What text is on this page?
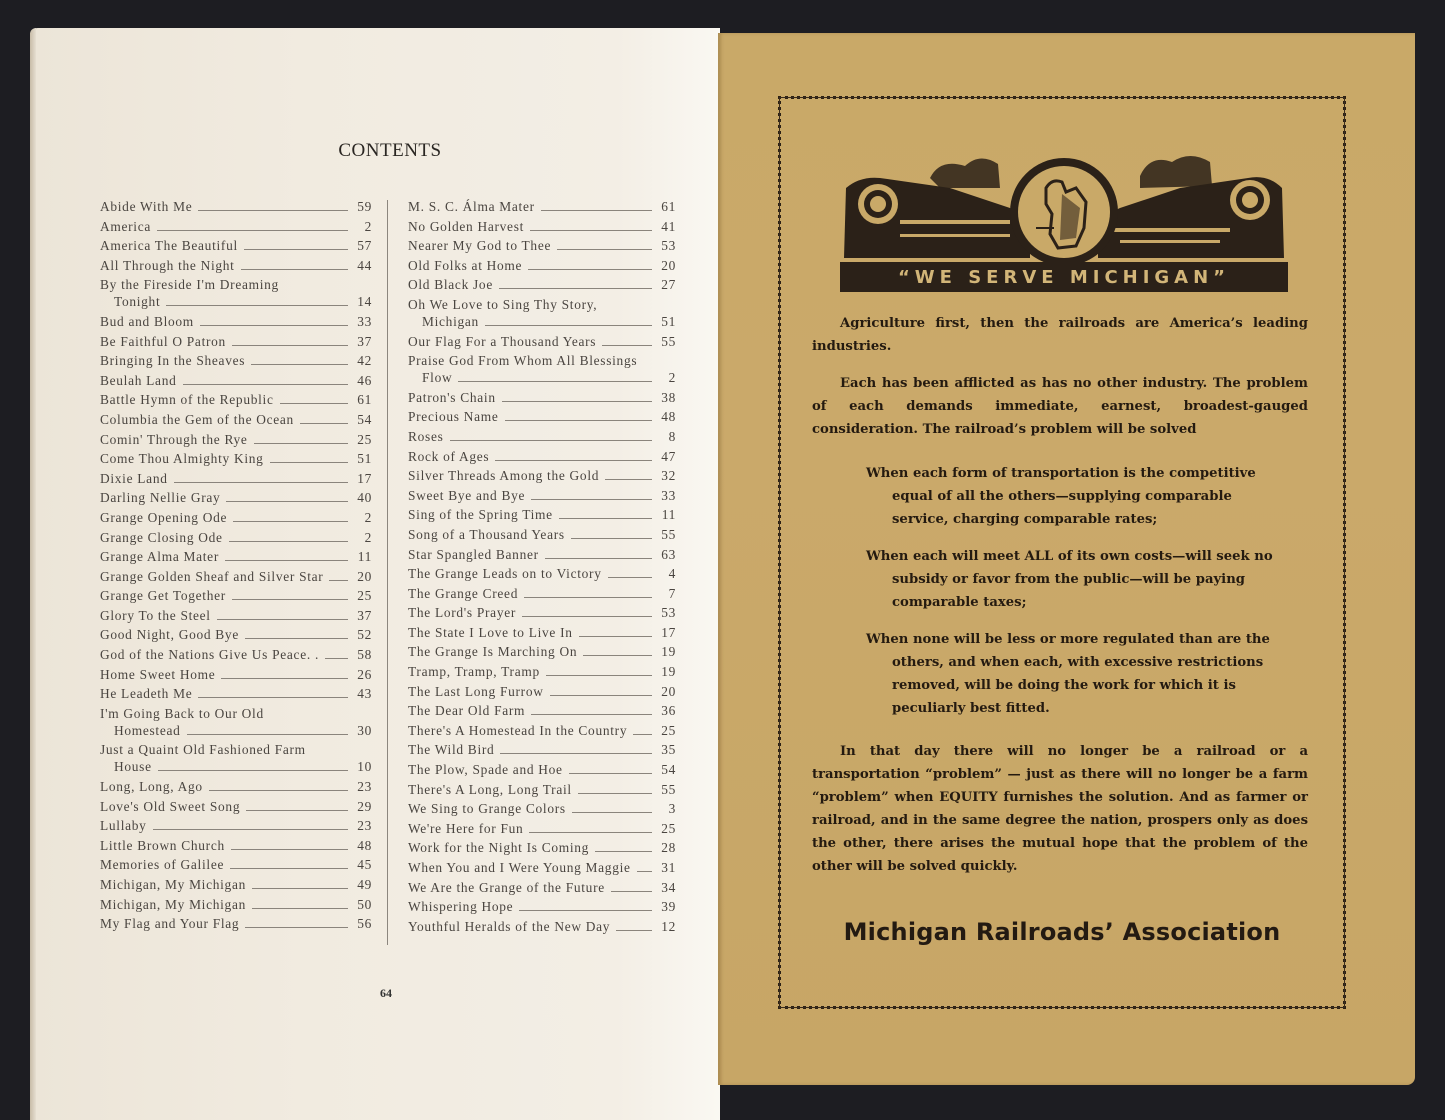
CONTENTS
Abide With Me	59
America	2
America The Beautiful	57
All Through the Night	44
By the Fireside I'm Dreaming
Tonight	14
Bud and Bloom	33
Be Faithful O Patron	37
Bringing In the Sheaves	42
Beulah Land	46
Battle Hymn of the Republic	61
Columbia the Gem of the Ocean	54
Comin' Through the Rye	25
Come Thou Almighty King	51
Dixie Land	17
Darling Nellie Gray	40
Grange Opening Ode	2
Grange Closing Ode	2
Grange Alma Mater	11
Grange Golden Sheaf and Silver Star	20
Grange Get Together	25
Glory To the Steel	37
Good Night, Good Bye	52
God of the Nations Give Us Peace. .	58
Home Sweet Home	26
He Leadeth Me	43
I'm Going Back to Our Old
Homestead	30
Just a Quaint Old Fashioned Farm
House	10
Long, Long, Ago	23
Love's Old Sweet Song	29
Lullaby	23
Little Brown Church	48
Memories of Galilee	45
Michigan, My Michigan	49
Michigan, My Michigan	50
My Flag and Your Flag	56
M. S. C. Álma Mater	61
No Golden Harvest	41
Nearer My God to Thee	53
Old Folks at Home	20
Old Black Joe	27
Oh We Love to Sing Thy Story,
Michigan	51
Our Flag For a Thousand Years	55
Praise God From Whom All Blessings
Flow	2
Patron's Chain	38
Precious Name	48
Roses	8
Rock of Ages	47
Silver Threads Among the Gold	32
Sweet Bye and Bye	33
Sing of the Spring Time	11
Song of a Thousand Years	55
Star Spangled Banner	63
The Grange Leads on to Victory	4
The Grange Creed	7
The Lord's Prayer	53
The State I Love to Live In	17
The Grange Is Marching On	19
Tramp, Tramp, Tramp	19
The Last Long Furrow	20
The Dear Old Farm	36
There's A Homestead In the Country	25
The Wild Bird	35
The Plow, Spade and Hoe	54
There's A Long, Long Trail	55
We Sing to Grange Colors	3
We're Here for Fun	25
Work for the Night Is Coming	28
When You and I Were Young Maggie 31
We Are the Grange of the Future	34
Whispering Hope	39
Youthful Heralds of the New Day	12
64
“WE SERVE MICHIGAN”
Agriculture first, then the railroads are America’s leading industries.
Each has been afflicted as has no other industry. The problem of each demands immediate, earnest, broadest-gauged consideration. The railroad’s problem will be solved
When each form of transportation is the competitive equal of all the others—supplying comparable service, charging comparable rates;
When each will meet ALL of its own costs—will seek no subsidy or favor from the public—will be paying comparable taxes;
When none will be less or more regulated than are the others, and when each, with excessive restrictions removed, will be doing the work for which it is peculiarly best fitted.
In that day there will no longer be a railroad or a transportation “problem” — just as there will no longer be a farm “problem” when EQUITY furnishes the solution. And as farmer or railroad, and in the same degree the nation, prospers only as does the other, there arises the mutual hope that the problem of the other will be solved quickly.
Michigan Railroads’ Association
